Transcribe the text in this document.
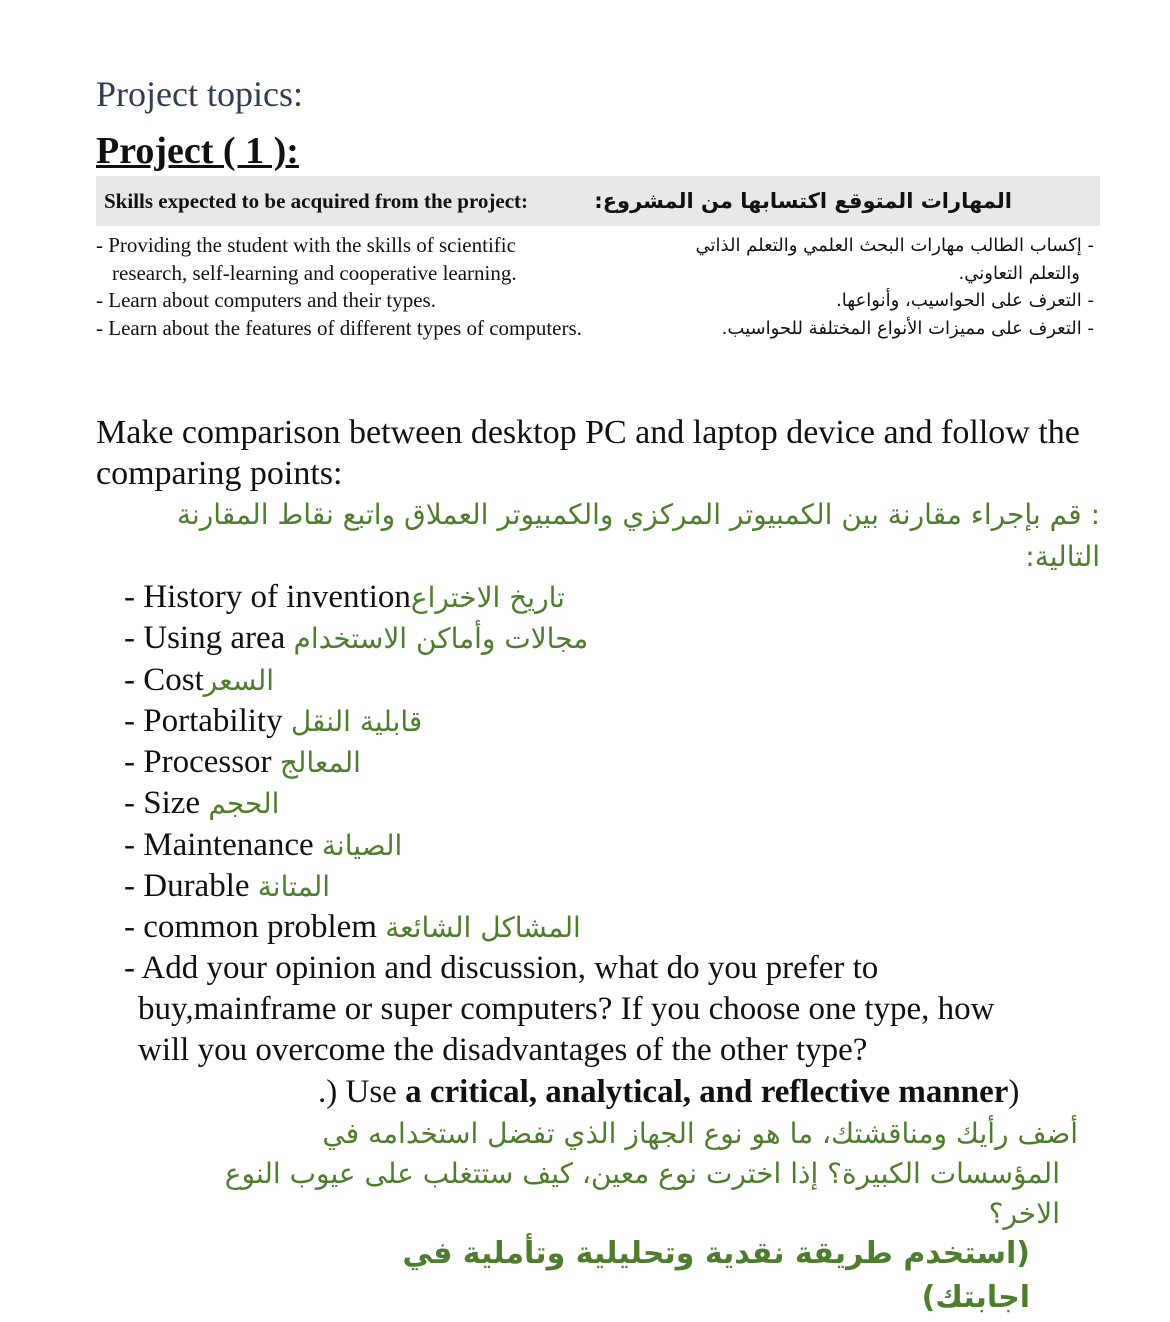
Project topics:
Project ( 1 ):
Skills expected to be acquired from the project:	المهارات المتوقع اكتسابها من المشروع:
- Providing the student with the skills of scientific research, self-learning and cooperative learning.
- Learn about computers and their types.
- Learn about the features of different types of computers.
- إكساب الطالب مهارات البحث العلمي والتعلم الذاتي والتعلم التعاوني.
- التعرف على الحواسيب، وأنواعها.
- التعرف على مميزات الأنواع المختلفة للحواسيب.
Make comparison between desktop PC and laptop device and follow the comparing points:
: قم بإجراء مقارنة بين الكمبيوتر المركزي والكمبيوتر العملاق واتبع نقاط المقارنة التالية:
- History of inventionتاريخ الاختراع
- Using area مجالات وأماكن الاستخدام
- Costالسعر
- Portability قابلية النقل
- Processor المعالج
- Size الحجم
- Maintenance الصيانة
- Durable المتانة
- common problem المشاكل الشائعة
- Add your opinion and discussion, what do you prefer to
buy,mainframe or super computers? If you choose one type, how
will you overcome the disadvantages of the other type?
.) Use a critical, analytical, and reflective manner)
أضف رأيك ومناقشتك، ما هو نوع الجهاز الذي تفضل استخدامه في
المؤسسات الكبيرة؟ إذا اخترت نوع معين، كيف ستتغلب على عيوب النوع
الاخر؟
(استخدم طريقة نقدية وتحليلية وتأملية في اجابتك)
